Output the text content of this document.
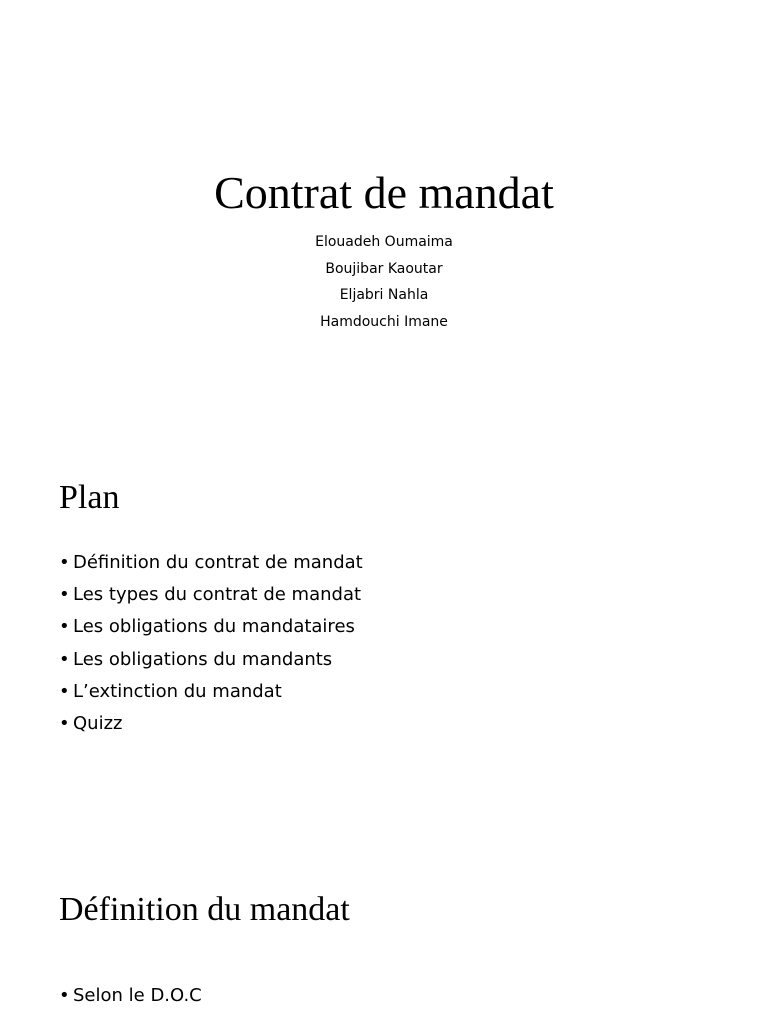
Contrat de mandat
Elouadeh Oumaima
Boujibar Kaoutar
Eljabri Nahla
Hamdouchi Imane
Plan
• Définition du contrat de mandat
• Les types du contrat de mandat
• Les obligations du mandataires
• Les obligations du mandants
• L’extinction du mandat
• Quizz
Définition du mandat
• Selon le D.O.C
